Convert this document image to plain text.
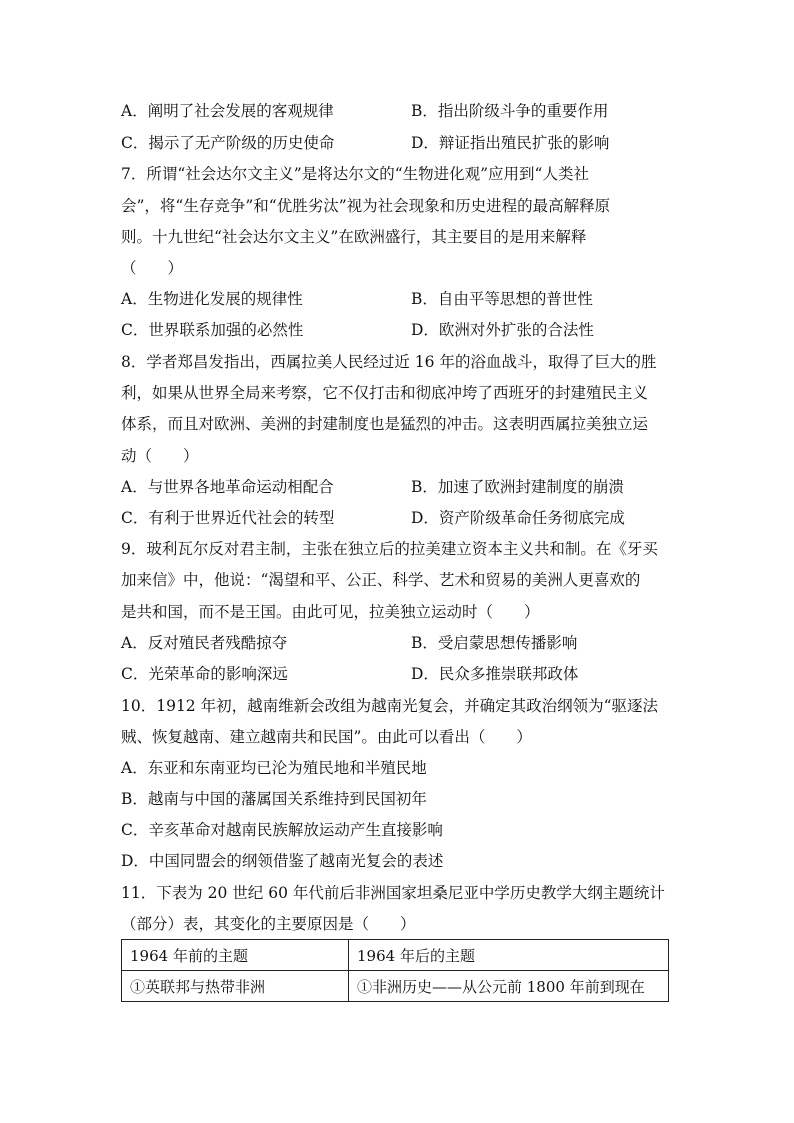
A．阐明了社会发展的客观规律	B．指出阶级斗争的重要作用
C．揭示了无产阶级的历史使命	D．辩证指出殖民扩张的影响
7．所谓“社会达尔文主义”是将达尔文的“生物进化观”应用到“人类社
会”，将“生存竞争”和“优胜劣汰”视为社会现象和历史进程的最高解释原
则。十九世纪“社会达尔文主义”在欧洲盛行，其主要目的是用来解释
（　　）
A．生物进化发展的规律性	B．自由平等思想的普世性
C．世界联系加强的必然性	D．欧洲对外扩张的合法性
8．学者郑昌发指出，西属拉美人民经过近 16 年的浴血战斗，取得了巨大的胜
利，如果从世界全局来考察，它不仅打击和彻底冲垮了西班牙的封建殖民主义
体系，而且对欧洲、美洲的封建制度也是猛烈的冲击。这表明西属拉美独立运
动（　　）
A．与世界各地革命运动相配合	B．加速了欧洲封建制度的崩溃
C．有利于世界近代社会的转型	D．资产阶级革命任务彻底完成
9．玻利瓦尔反对君主制，主张在独立后的拉美建立资本主义共和制。在《牙买
加来信》中，他说：“渴望和平、公正、科学、艺术和贸易的美洲人更喜欢的
是共和国，而不是王国。由此可见，拉美独立运动时（　　）
A．反对殖民者残酷掠夺	B．受启蒙思想传播影响
C．光荣革命的影响深远	D．民众多推崇联邦政体
10．1912 年初，越南维新会改组为越南光复会，并确定其政治纲领为“驱逐法
贼、恢复越南、建立越南共和民国”。由此可以看出（　　）
A．东亚和东南亚均已沦为殖民地和半殖民地
B．越南与中国的藩属国关系维持到民国初年
C．辛亥革命对越南民族解放运动产生直接影响
D．中国同盟会的纲领借鉴了越南光复会的表述
11．下表为 20 世纪 60 年代前后非洲国家坦桑尼亚中学历史教学大纲主题统计
（部分）表，其变化的主要原因是（　　）
1964 年前的主题	1964 年后的主题
①英联邦与热带非洲	①非洲历史——从公元前 1800 年前到现在
